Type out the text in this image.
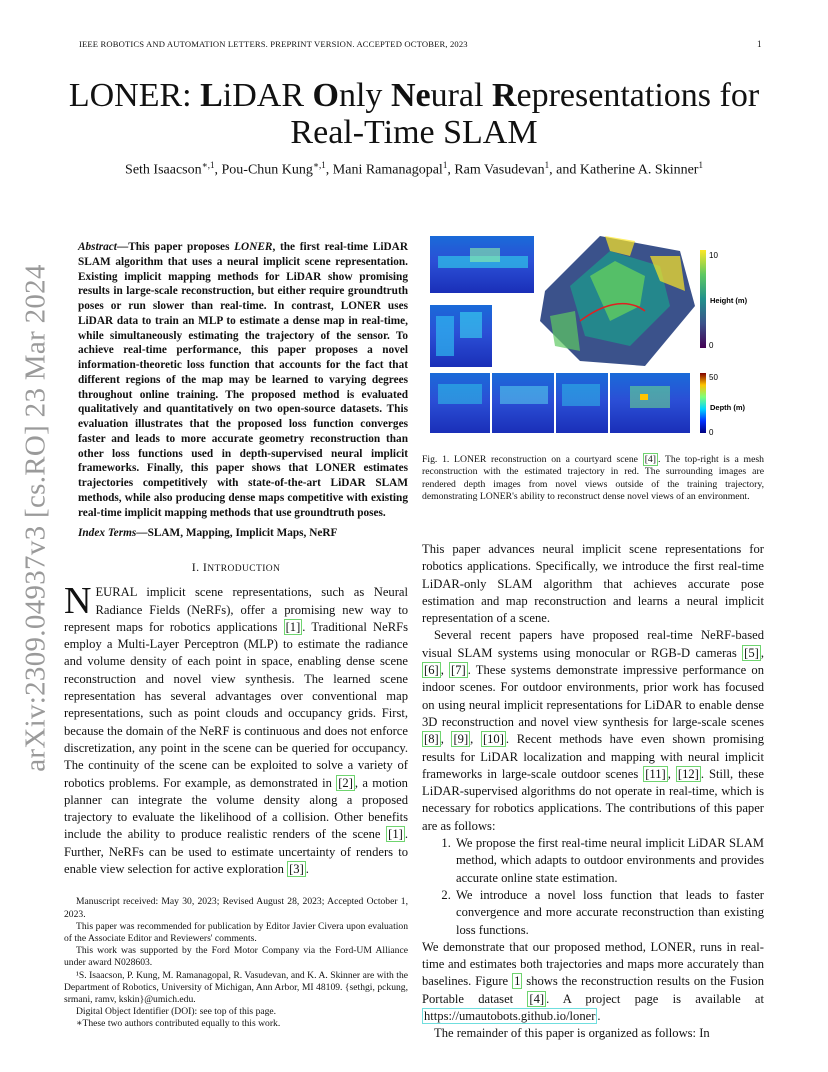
IEEE ROBOTICS AND AUTOMATION LETTERS. PREPRINT VERSION. ACCEPTED OCTOBER, 2023	1
arXiv:2309.04937v3 [cs.RO] 23 Mar 2024
LONER: LiDAR Only Neural Representations for
Real-Time SLAM
Seth Isaacson$^{∗,1}$, Pou-Chun Kung$^{∗,1}$, Mani Ramanagopal$^1$, Ram Vasudevan$^1$, and Katherine A. Skinner$^1$
Abstract—This paper proposes LONER, the first real-time LiDAR SLAM algorithm that uses a neural implicit scene representation. Existing implicit mapping methods for LiDAR show promising results in large-scale reconstruction, but either require groundtruth poses or run slower than real-time. In contrast, LONER uses LiDAR data to train an MLP to estimate a dense map in real-time, while simultaneously estimating the trajectory of the sensor. To achieve real-time performance, this paper proposes a novel information-theoretic loss function that accounts for the fact that different regions of the map may be learned to varying degrees throughout online training. The proposed method is evaluated qualitatively and quantitatively on two open-source datasets. This evaluation illustrates that the proposed loss function converges faster and leads to more accurate geometry reconstruction than other loss functions used in depth-supervised neural implicit frameworks. Finally, this paper shows that LONER estimates trajectories competitively with state-of-the-art LiDAR SLAM methods, while also producing dense maps competitive with existing real-time implicit mapping methods that use groundtruth poses.
Index Terms—SLAM, Mapping, Implicit Maps, NeRF
I. INTRODUCTION

NEURAL implicit scene representations, such as Neural Radiance Fields (NeRFs), offer a promising new way to represent maps for robotics applications [1] . Traditional NeRFs employ a Multi-Layer Perceptron (MLP) to estimate the radiance and volume density of each point in space, enabling dense scene reconstruction and novel view synthesis. The learned scene representation has several advantages over conventional map representations, such as point clouds and occupancy grids. First, because the domain of the NeRF is continuous and does not enforce discretization, any point in the scene can be queried for occupancy. The continuity of the scene can be exploited to solve a variety of robotics problems. For example, as demonstrated in [2] , a motion planner can integrate the volume density along a proposed trajectory to evaluate the likelihood of a collision. Other benefits include the ability to produce realistic renders of the scene [1] . Further, NeRFs can be used to estimate uncertainty of renders to enable view selection for active exploration [3] .

Manuscript received: May 30, 2023; Revised August 28, 2023; Accepted October 1, 2023.

This paper was recommended for publication by Editor Javier Civera upon evaluation of the Associate Editor and Reviewers' comments.

This work was supported by the Ford Motor Company via the Ford-UM Alliance under award N028603.

¹S. Isaacson, P. Kung, M. Ramanagopal, R. Vasudevan, and K. A. Skinner are with the Department of Robotics, University of Michigan, Ann Arbor, MI 48109. {sethgi, pckung, srmani, ramv, kskin}@umich.edu.

Digital Object Identifier (DOI): see top of this page.

∗These two authors contributed equally to this work.

10
Height (m)
0
50
Depth (m)
0
Fig. 1. LONER reconstruction on a courtyard scene [4] . The top-right is a mesh reconstruction with the estimated trajectory in red. The surrounding images are rendered depth images from novel views outside of the training trajectory, demonstrating LONER's ability to reconstruct dense novel views of an environment.

This paper advances neural implicit scene representations for robotics applications. Specifically, we introduce the first real-time LiDAR-only SLAM algorithm that achieves accurate pose estimation and map reconstruction and learns a neural implicit representation of a scene.

Several recent papers have proposed real-time NeRF-based visual SLAM systems using monocular or RGB-D cameras [5] , [6] , [7] . These systems demonstrate impressive performance on indoor scenes. For outdoor environments, prior work has focused on using neural implicit representations for LiDAR to enable dense 3D reconstruction and novel view synthesis for large-scale scenes [8] , [9] , [10] . Recent methods have even shown promising results for LiDAR localization and mapping with neural implicit frameworks in large-scale outdoor scenes [11] , [12] . Still, these LiDAR-supervised algorithms do not operate in real-time, which is necessary for robotics applications. The contributions of this paper are as follows:

1. We propose the first real-time neural implicit LiDAR SLAM method, which adapts to outdoor environments and provides accurate online state estimation.
2. We introduce a novel loss function that leads to faster convergence and more accurate reconstruction than existing loss functions.

We demonstrate that our proposed method, LONER, runs in real-time and estimates both trajectories and maps more accurately than baselines. Figure 1 shows the reconstruction results on the Fusion Portable dataset [4] . A project page is available at https://umautobots.github.io/loner .

The remainder of this paper is organized as follows: In
